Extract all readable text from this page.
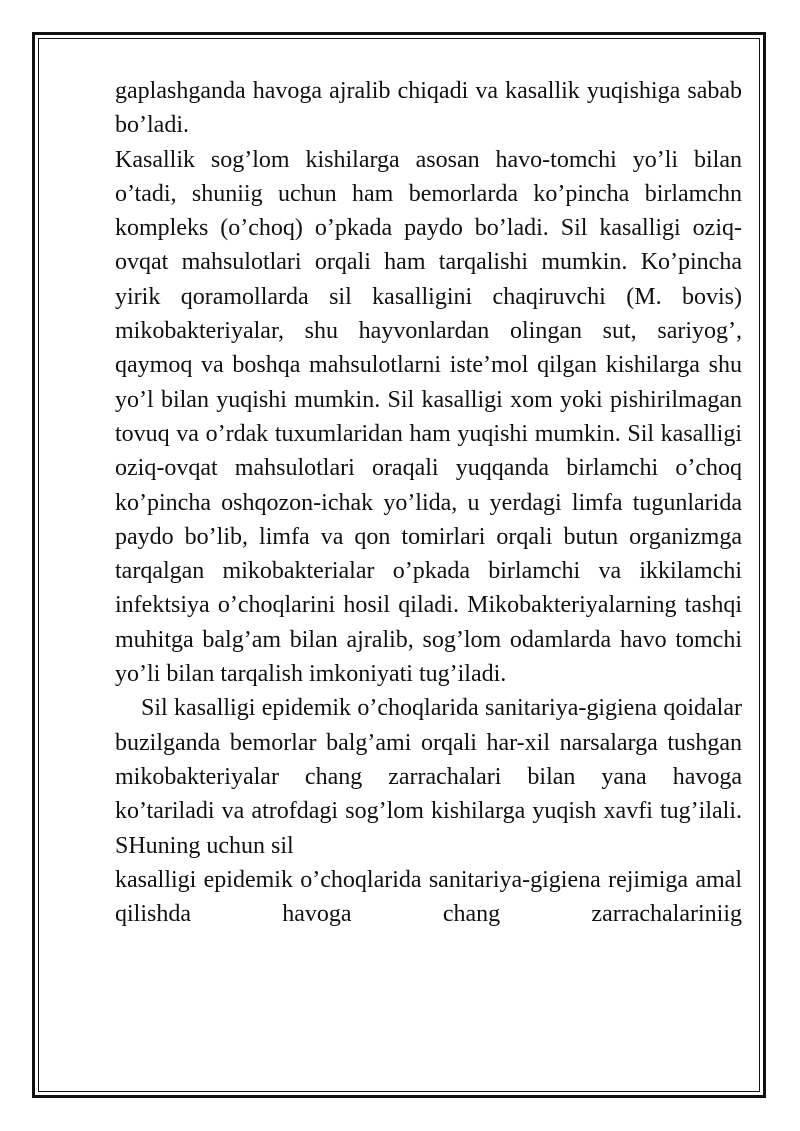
gaplashganda havoga ajralib chiqadi va kasallik yuqishiga sabab bo’ladi.

Kasallik sog’lom kishilarga asosan havo-tomchi yo’li bilan o’tadi, shuniig uchun ham bemorlarda ko’pincha birlamchn kompleks (o’choq) o’pkada paydo bo’ladi. Sil kasalligi oziq-ovqat mahsulotlari orqali ham tarqalishi mumkin. Ko’pincha yirik qoramollarda sil kasalligini chaqiruvchi (M. bovis) mikobakteriyalar, shu hayvonlardan olingan sut, sariyog’, qaymoq va boshqa mahsulotlarni iste’mol qilgan kishilarga shu yo’l bilan yuqishi mumkin. Sil kasalligi xom yoki pishirilmagan tovuq va o’rdak tuxumlaridan ham yuqishi mumkin. Sil kasalligi oziq-ovqat mahsulotlari oraqali yuqqanda birlamchi o’choq ko’pincha oshqozon-ichak yo’lida, u yerdagi limfa tugunlarida paydo bo’lib, limfa va qon tomirlari orqali butun organizmga tarqalgan mikobakterialar o’pkada birlamchi va ikkilamchi infektsiya o’choqlarini hosil qiladi. Mikobakteriyalarning tashqi muhitga balg’am bilan ajralib, sog’lom odamlarda havo tomchi yo’li bilan tarqalish imkoniyati tug’iladi.

Sil kasalligi epidemik o’choqlarida sanitariya-gigiena qoidalar buzilganda bemorlar balg’ami orqali har-xil narsalarga tushgan mikobakteriyalar chang zarrachalari bilan yana havoga ko’tariladi va atrofdagi sog’lom kishilarga yuqish xavfi tug’ilali. SHuning uchun sil

kasalligi epidemik o’choqlarida sanitariya-gigiena rejimiga amal qilishda havoga chang zarrachalariniig
